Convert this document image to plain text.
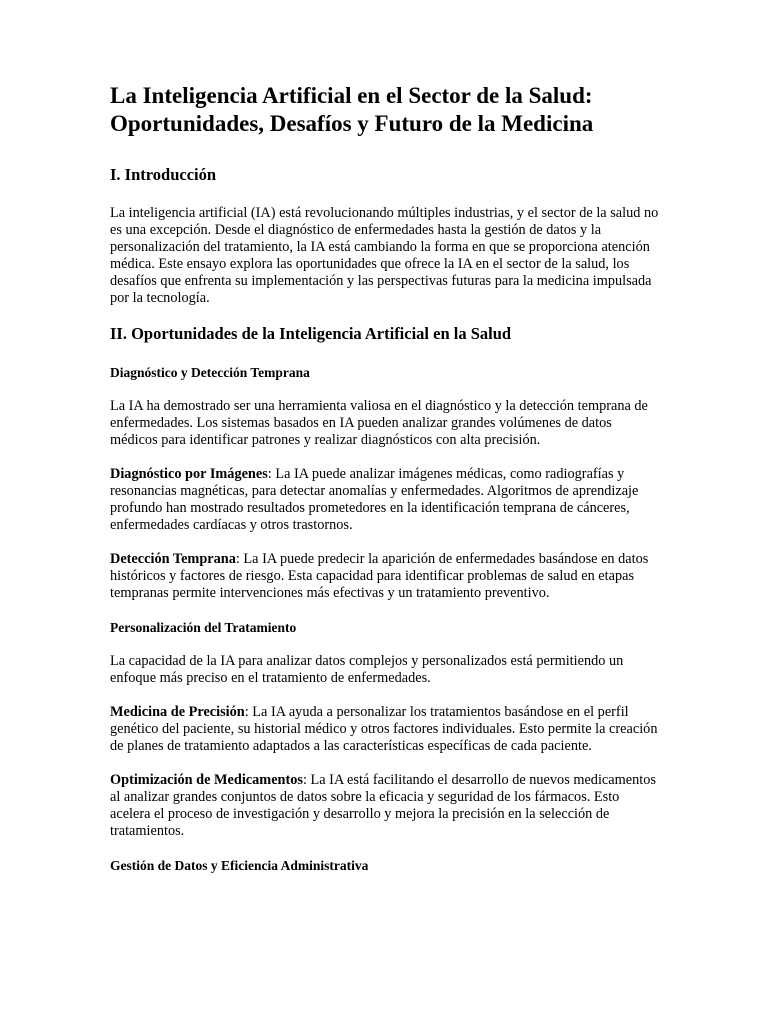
La Inteligencia Artificial en el Sector de la Salud:
Oportunidades, Desafíos y Futuro de la Medicina
I. Introducción

La inteligencia artificial (IA) está revolucionando múltiples industrias, y el sector de la salud no es una excepción. Desde el diagnóstico de enfermedades hasta la gestión de datos y la personalización del tratamiento, la IA está cambiando la forma en que se proporciona atención médica. Este ensayo explora las oportunidades que ofrece la IA en el sector de la salud, los desafíos que enfrenta su implementación y las perspectivas futuras para la medicina impulsada por la tecnología.

II. Oportunidades de la Inteligencia Artificial en la Salud
Diagnóstico y Detección Temprana

La IA ha demostrado ser una herramienta valiosa en el diagnóstico y la detección temprana de enfermedades. Los sistemas basados en IA pueden analizar grandes volúmenes de datos médicos para identificar patrones y realizar diagnósticos con alta precisión.

Diagnóstico por Imágenes: La IA puede analizar imágenes médicas, como radiografías y resonancias magnéticas, para detectar anomalías y enfermedades. Algoritmos de aprendizaje profundo han mostrado resultados prometedores en la identificación temprana de cánceres, enfermedades cardíacas y otros trastornos.

Detección Temprana: La IA puede predecir la aparición de enfermedades basándose en datos históricos y factores de riesgo. Esta capacidad para identificar problemas de salud en etapas tempranas permite intervenciones más efectivas y un tratamiento preventivo.

Personalización del Tratamiento

La capacidad de la IA para analizar datos complejos y personalizados está permitiendo un enfoque más preciso en el tratamiento de enfermedades.

Medicina de Precisión: La IA ayuda a personalizar los tratamientos basándose en el perfil genético del paciente, su historial médico y otros factores individuales. Esto permite la creación de planes de tratamiento adaptados a las características específicas de cada paciente.

Optimización de Medicamentos: La IA está facilitando el desarrollo de nuevos medicamentos al analizar grandes conjuntos de datos sobre la eficacia y seguridad de los fármacos. Esto acelera el proceso de investigación y desarrollo y mejora la precisión en la selección de tratamientos.

Gestión de Datos y Eficiencia Administrativa
